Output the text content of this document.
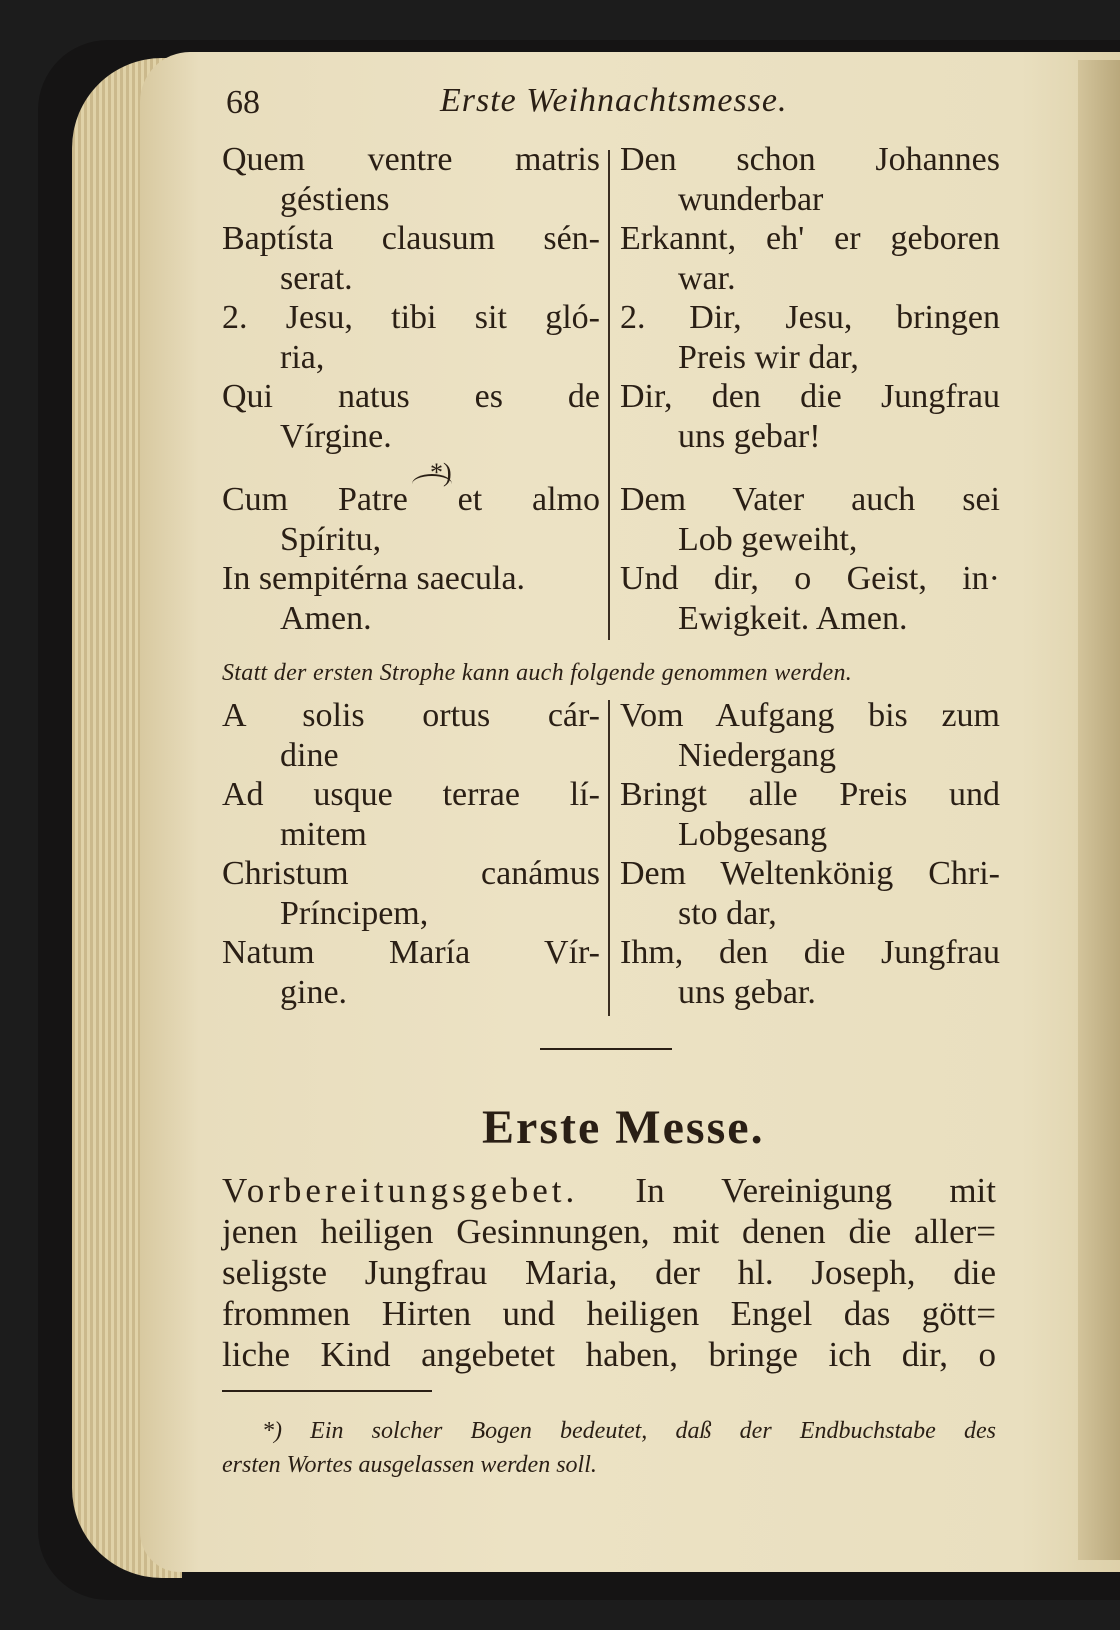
68	Erste Weihnachtsmesse.
Quem ventre matris
géstiens
Baptísta clausum sén-
serat.
2. Jesu, tibi sit gló-
ria,
Qui natus es de
Vírgine.
Cum Patre et almo
Spíritu,
In sempitérna saecula.
Amen.
*)
Den schon Johannes
wunderbar
Erkannt, eh' er geboren
war.
2. Dir, Jesu, bringen
Preis wir dar,
Dir, den die Jungfrau
uns gebar!
Dem Vater auch sei
Lob geweiht,
Und dir, o Geist, in·
Ewigkeit. Amen.
Statt der ersten Strophe kann auch folgende genommen werden.
A solis ortus cár-
dine
Ad usque terrae lí-
mitem
Christum canámus
Príncipem,
Natum María Vír-
gine.
Vom Aufgang bis zum
Niedergang
Bringt alle Preis und
Lobgesang
Dem Weltenkönig Chri-
sto dar,
Ihm, den die Jungfrau
uns gebar.
Erste Messe.
Vorbereitungsgebet. In Vereinigung mit
jenen heiligen Gesinnungen, mit denen die aller=
seligste Jungfrau Maria, der hl. Joseph, die
frommen Hirten und heiligen Engel das gött=
liche Kind angebetet haben, bringe ich dir, o
*) Ein solcher Bogen bedeutet, daß der Endbuchstabe des
ersten Wortes ausgelassen werden soll.
